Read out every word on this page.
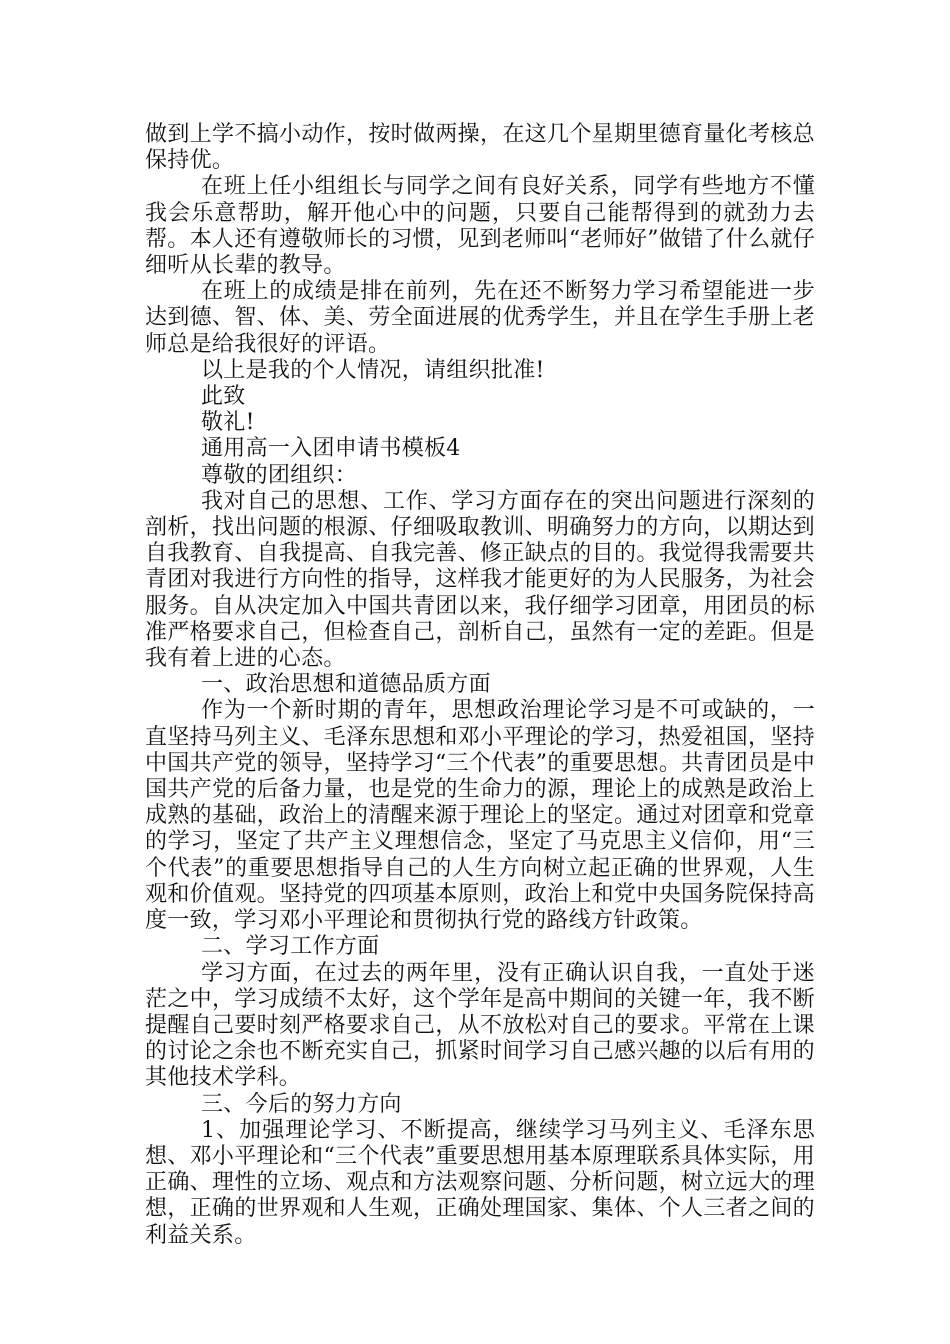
做到上学不搞小动作，按时做两操，在这几个星期里德育量化考核总保持优。

在班上任小组组长与同学之间有良好关系，同学有些地方不懂我会乐意帮助，解开他心中的问题，只要自己能帮得到的就劲力去帮。本人还有遵敬师长的习惯，见到老师叫“老师好”做错了什么就仔细听从长辈的教导。

在班上的成绩是排在前列，先在还不断努力学习希望能进一步达到德、智、体、美、劳全面进展的优秀学生，并且在学生手册上老师总是给我很好的评语。

以上是我的个人情况，请组织批准!

此致

敬礼!

通用高一入团申请书模板4

尊敬的团组织：

我对自己的思想、工作、学习方面存在的突出问题进行深刻的剖析，找出问题的根源、仔细吸取教训、明确努力的方向，以期达到自我教育、自我提高、自我完善、修正缺点的目的。我觉得我需要共青团对我进行方向性的指导，这样我才能更好的为人民服务，为社会服务。自从决定加入中国共青团以来，我仔细学习团章，用团员的标准严格要求自己，但检查自己，剖析自己，虽然有一定的差距。但是我有着上进的心态。

一、政治思想和道德品质方面

作为一个新时期的青年，思想政治理论学习是不可或缺的，一直坚持马列主义、毛泽东思想和邓小平理论的学习，热爱祖国，坚持中国共产党的领导，坚持学习“三个代表”的重要思想。共青团员是中国共产党的后备力量，也是党的生命力的源，理论上的成熟是政治上成熟的基础，政治上的清醒来源于理论上的坚定。通过对团章和党章的学习，坚定了共产主义理想信念，坚定了马克思主义信仰，用“三个代表”的重要思想指导自己的人生方向树立起正确的世界观，人生观和价值观。坚持党的四项基本原则，政治上和党中央国务院保持高度一致，学习邓小平理论和贯彻执行党的路线方针政策。

二、学习工作方面

学习方面，在过去的两年里，没有正确认识自我，一直处于迷茫之中，学习成绩不太好，这个学年是高中期间的关键一年，我不断提醒自己要时刻严格要求自己，从不放松对自己的要求。平常在上课的讨论之余也不断充实自己，抓紧时间学习自己感兴趣的以后有用的其他技术学科。

三、今后的努力方向

1、加强理论学习、不断提高，继续学习马列主义、毛泽东思想、邓小平理论和“三个代表”重要思想用基本原理联系具体实际，用正确、理性的立场、观点和方法观察问题、分析问题，树立远大的理想，正确的世界观和人生观，正确处理国家、集体、个人三者之间的利益关系。
